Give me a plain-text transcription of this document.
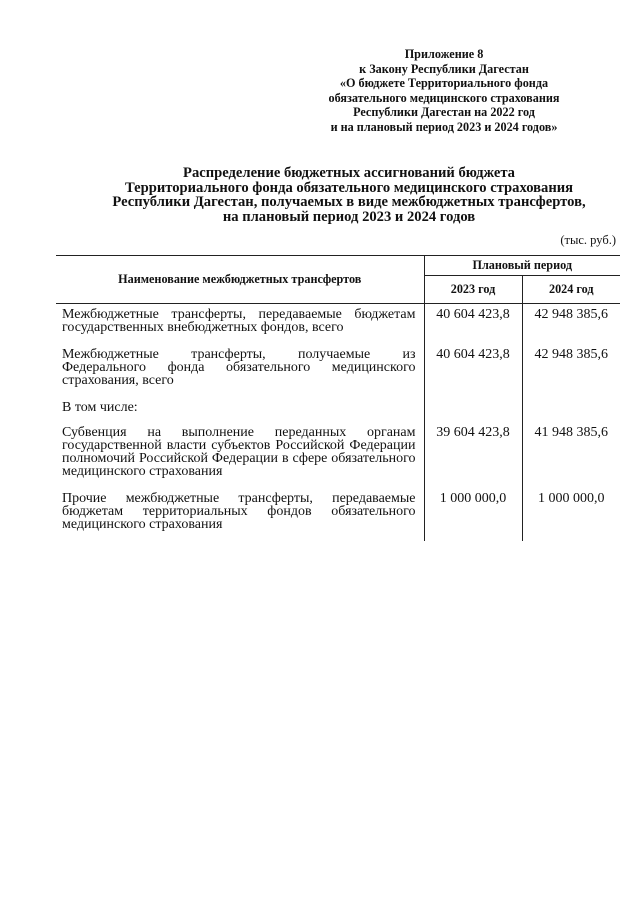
Приложение 8
к Закону Республики Дагестан
«О бюджете Территориального фонда
обязательного медицинского страхования
Республики Дагестан на 2022 год
и на плановый период 2023 и 2024 годов»
Распределение бюджетных ассигнований бюджета
Территориального фонда обязательного медицинского страхования
Республики Дагестан, получаемых в виде межбюджетных трансфертов,
на плановый период 2023 и 2024 годов
(тыс. руб.)
Наименование межбюджетных трансфертов	Плановый период	
	2023 год	2024 год
Межбюджетные трансферты, передаваемые бюджетам государственных внебюджетных фондов, всего	40 604 423,8	42 948 385,6
Межбюджетные трансферты, получаемые из Федерального фонда обязательного медицинского страхования, всего	40 604 423,8	42 948 385,6
В том числе:		
Субвенция на выполнение переданных органам государственной власти субъектов Российской Федерации полномочий Российской Федерации в сфере обязательного медицинского страхования	39 604 423,8	41 948 385,6
Прочие межбюджетные трансферты, передаваемые бюджетам территориальных фондов обязательного медицинского страхования	1 000 000,0	1 000 000,0
